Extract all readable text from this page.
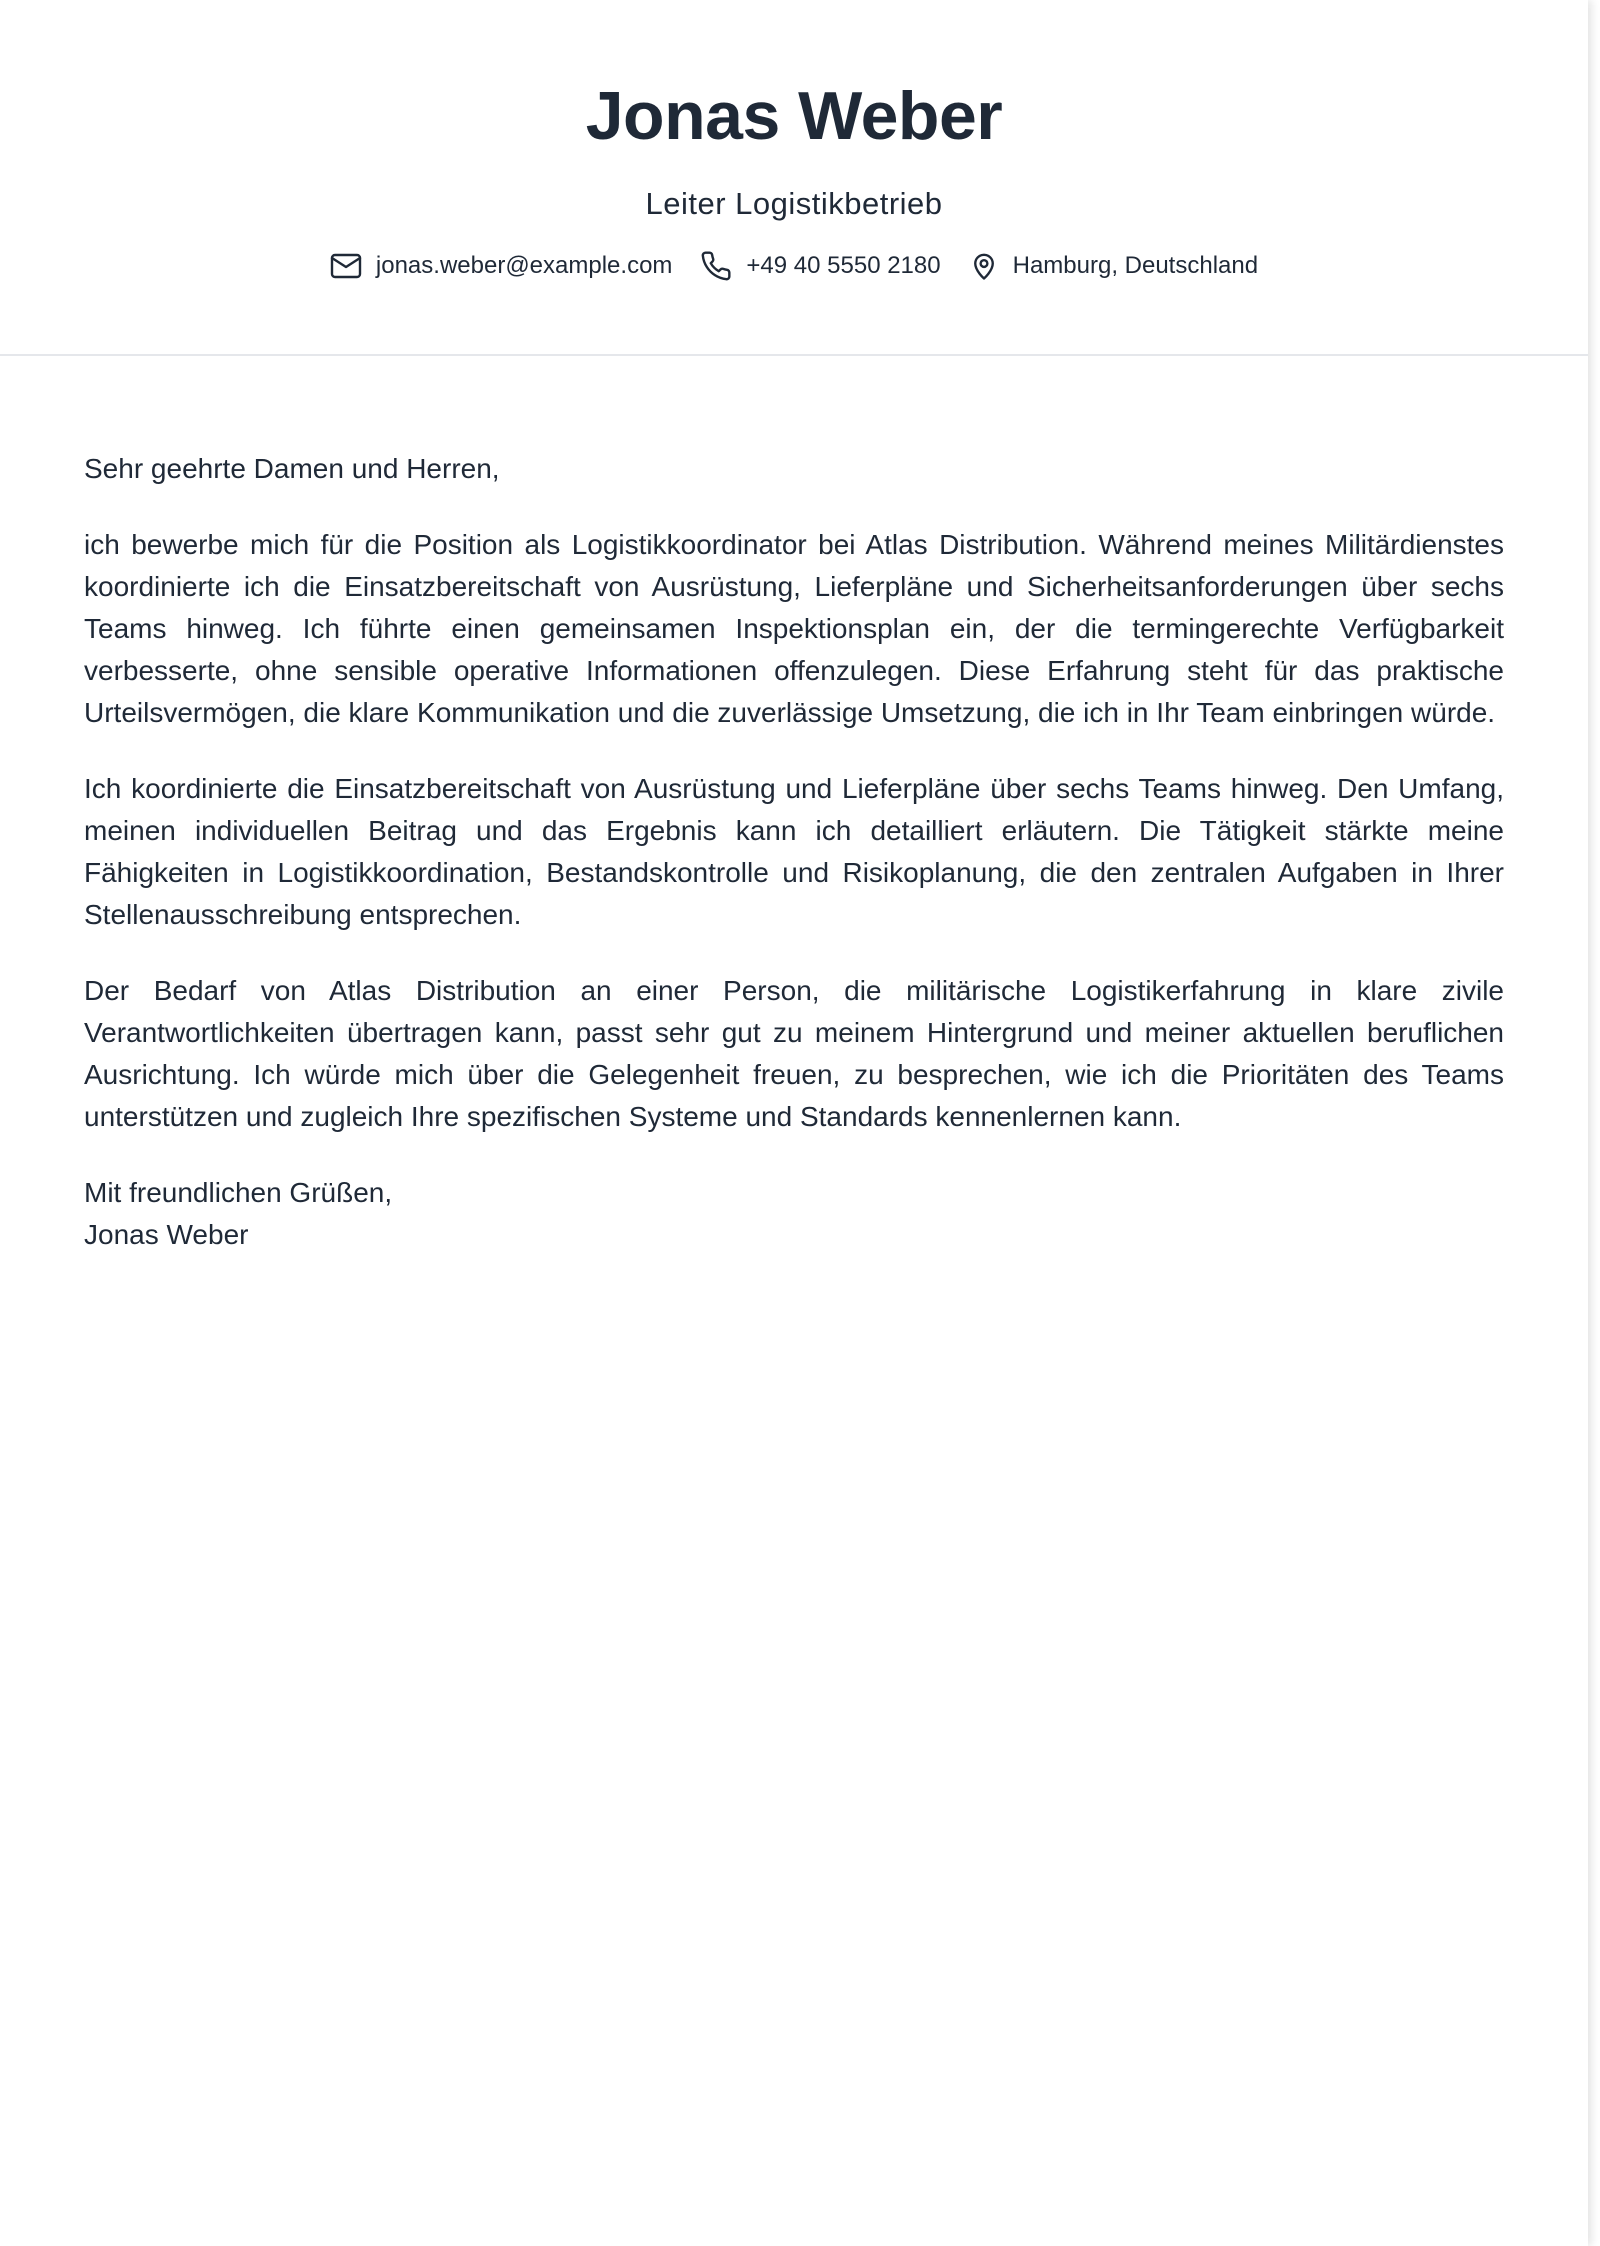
Jonas Weber
Leiter Logistikbetrieb
jonas.weber@example.com	+49 40 5550 2180	Hamburg, Deutschland

Sehr geehrte Damen und Herren,

ich bewerbe mich für die Position als Logistikkoordinator bei Atlas Distribution. Während meines Militärdienstes koordinierte ich die Einsatzbereitschaft von Ausrüstung, Lieferpläne und Sicherheitsanforderungen über sechs Teams hinweg. Ich führte einen gemeinsamen Inspektionsplan ein, der die termingerechte Verfügbarkeit verbesserte, ohne sensible operative Informationen offenzulegen. Diese Erfahrung steht für das praktische Urteilsvermögen, die klare Kommunikation und die zuverlässige Umsetzung, die ich in Ihr Team einbringen würde.

Ich koordinierte die Einsatzbereitschaft von Ausrüstung und Lieferpläne über sechs Teams hinweg. Den Umfang, meinen individuellen Beitrag und das Ergebnis kann ich detailliert erläutern. Die Tätigkeit stärkte meine Fähigkeiten in Logistikkoordination, Bestandskontrolle und Risikoplanung, die den zentralen Aufgaben in Ihrer Stellenausschreibung entsprechen.

Der Bedarf von Atlas Distribution an einer Person, die militärische Logistikerfahrung in klare zivile Verantwortlichkeiten übertragen kann, passt sehr gut zu meinem Hintergrund und meiner aktuellen beruflichen Ausrichtung. Ich würde mich über die Gelegenheit freuen, zu besprechen, wie ich die Prioritäten des Teams unterstützen und zugleich Ihre spezifischen Systeme und Standards kennenlernen kann.

Mit freundlichen Grüßen,
Jonas Weber
